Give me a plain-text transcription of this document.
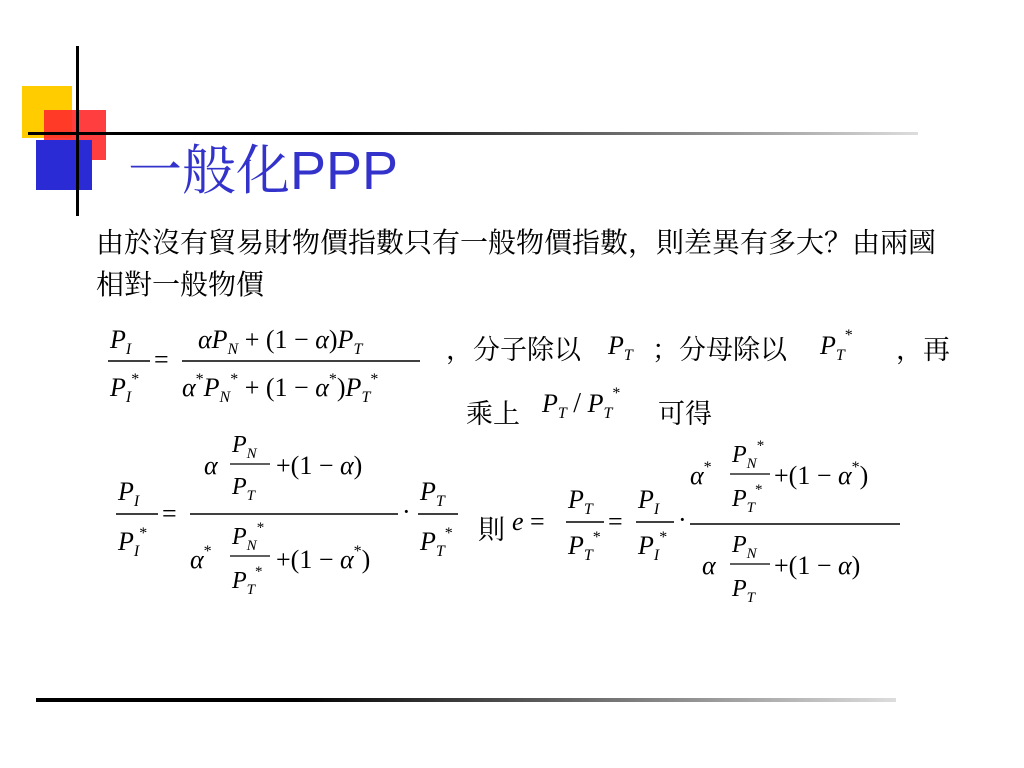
一般化PPP
由於沒有貿易財物價指數只有一般物價指數，則差異有多大？由兩國相對一般物價
$P_I$
$P_I^*$
=
$\alpha P_N + (1 - \alpha)P_T$
$\alpha^*P_N^* + (1 - \alpha^*)P_T^*$
，分子除以 $P_T$ ；分母除以 $P_T^*$ ，再
乘上 $P_T / P_T^*$
可得
$P_I$
$P_I^*$
=
α
$P_N$
$P_T$
+(1 − α)
α*
$P_N^*$
$P_T^* +(1 - \alpha^*)$
·
$P_T$
$P_T^*$ 則 e =
$P_T$
$P_T^*$
=
$P_I$
$P_I^*$
·
α* $P_N^*$
$P_T^* +(1 - \alpha^*)$
α
$P_N$
$P_T$
+(1 − α)
